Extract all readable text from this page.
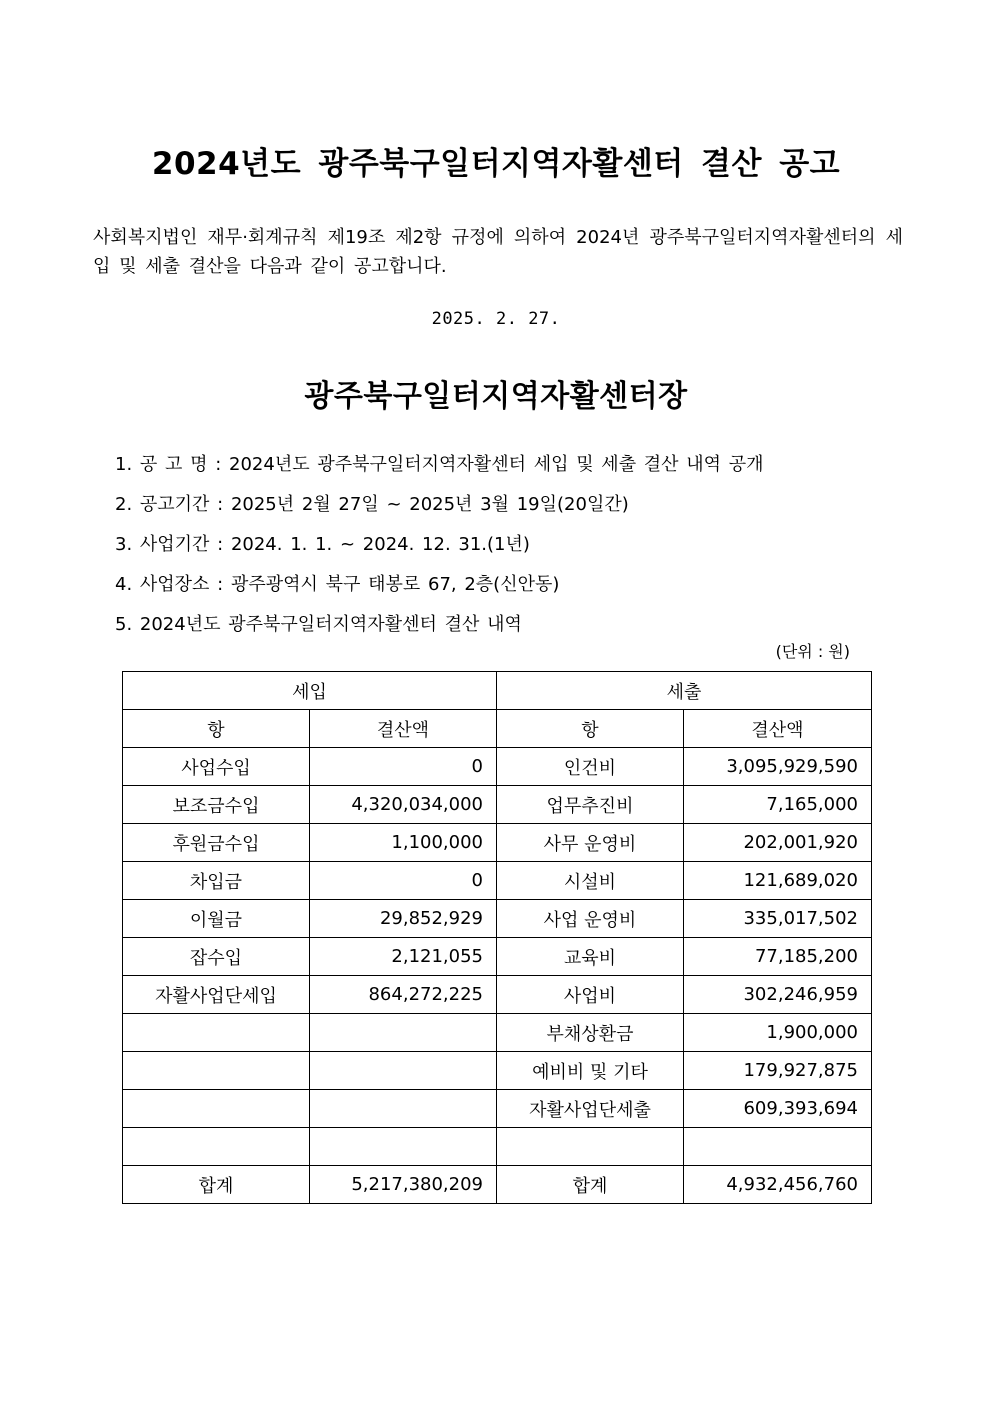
2024년도 광주북구일터지역자활센터 결산 공고
사회복지법인 재무·회계규칙 제19조 제2항 규정에 의하여 2024년 광주북구일터지역자활센터의 세입 및 세출 결산을 다음과 같이 공고합니다.
2025. 2. 27.
광주북구일터지역자활센터장
1. 공 고 명 : 2024년도 광주북구일터지역자활센터 세입 및 세출 결산 내역 공개
2. 공고기간 : 2025년 2월 27일 ~ 2025년 3월 19일(20일간)
3. 사업기간 : 2024. 1. 1. ~ 2024. 12. 31.(1년)
4. 사업장소 : 광주광역시 북구 태봉로 67, 2층(신안동)
5. 2024년도 광주북구일터지역자활센터 결산 내역
(단위 : 원)
세입		세출	
항	결산액	항	결산액
사업수입	0	인건비	3,095,929,590
보조금수입	4,320,034,000	업무추진비	7,165,000
후원금수입	1,100,000	사무 운영비	202,001,920
차입금	0	시설비	121,689,020
이월금	29,852,929	사업 운영비	335,017,502
잡수입	2,121,055	교육비	77,185,200
자활사업단세입	864,272,225	사업비	302,246,959
		부채상환금	1,900,000
		예비비 및 기타	179,927,875
		자활사업단세출	609,393,694

합계	5,217,380,209	합계	4,932,456,760
